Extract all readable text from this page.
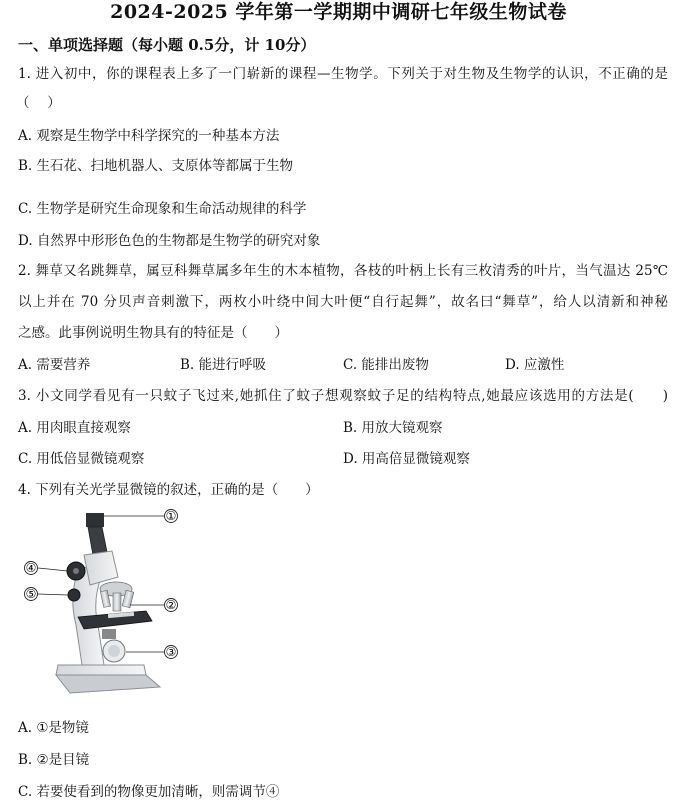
2024-2025 学年第一学期期中调研七年级生物试卷
一、单项选择题（每小题 0.5分，计 10分）
1. 进入初中，你的课程表上多了一门崭新的课程—生物学。下列关于对生物及生物学的认识，不正确的是
（　 ）
A. 观察是生物学中科学探究的一种基本方法
B. 生石花、扫地机器人、支原体等都属于生物
C. 生物学是研究生命现象和生命活动规律的科学
D. 自然界中形形色色的生物都是生物学的研究对象
2. 舞草又名跳舞草，属豆科舞草属多年生的木本植物，各枝的叶柄上长有三枚清秀的叶片，当气温达 25℃
以上并在 70 分贝声音刺激下，两枚小叶绕中间大叶便“自行起舞”，故名曰“舞草”，给人以清新和神秘
之感。此事例说明生物具有的特征是（　　）
A. 需要营养	B. 能进行呼吸	C. 能排出废物	D. 应激性
3. 小文同学看见有一只蚊子飞过来,她抓住了蚊子想观察蚊子足的结构特点,她最应该选用的方法是(　　)
A. 用肉眼直接观察	B. 用放大镜观察
C. 用低倍显微镜观察	D. 用高倍显微镜观察
4. 下列有关光学显微镜的叙述，正确的是（　　）
①
②
③
④
⑤
A. ①是物镜
B. ②是目镜
C. 若要使看到的物像更加清晰，则需调节④
